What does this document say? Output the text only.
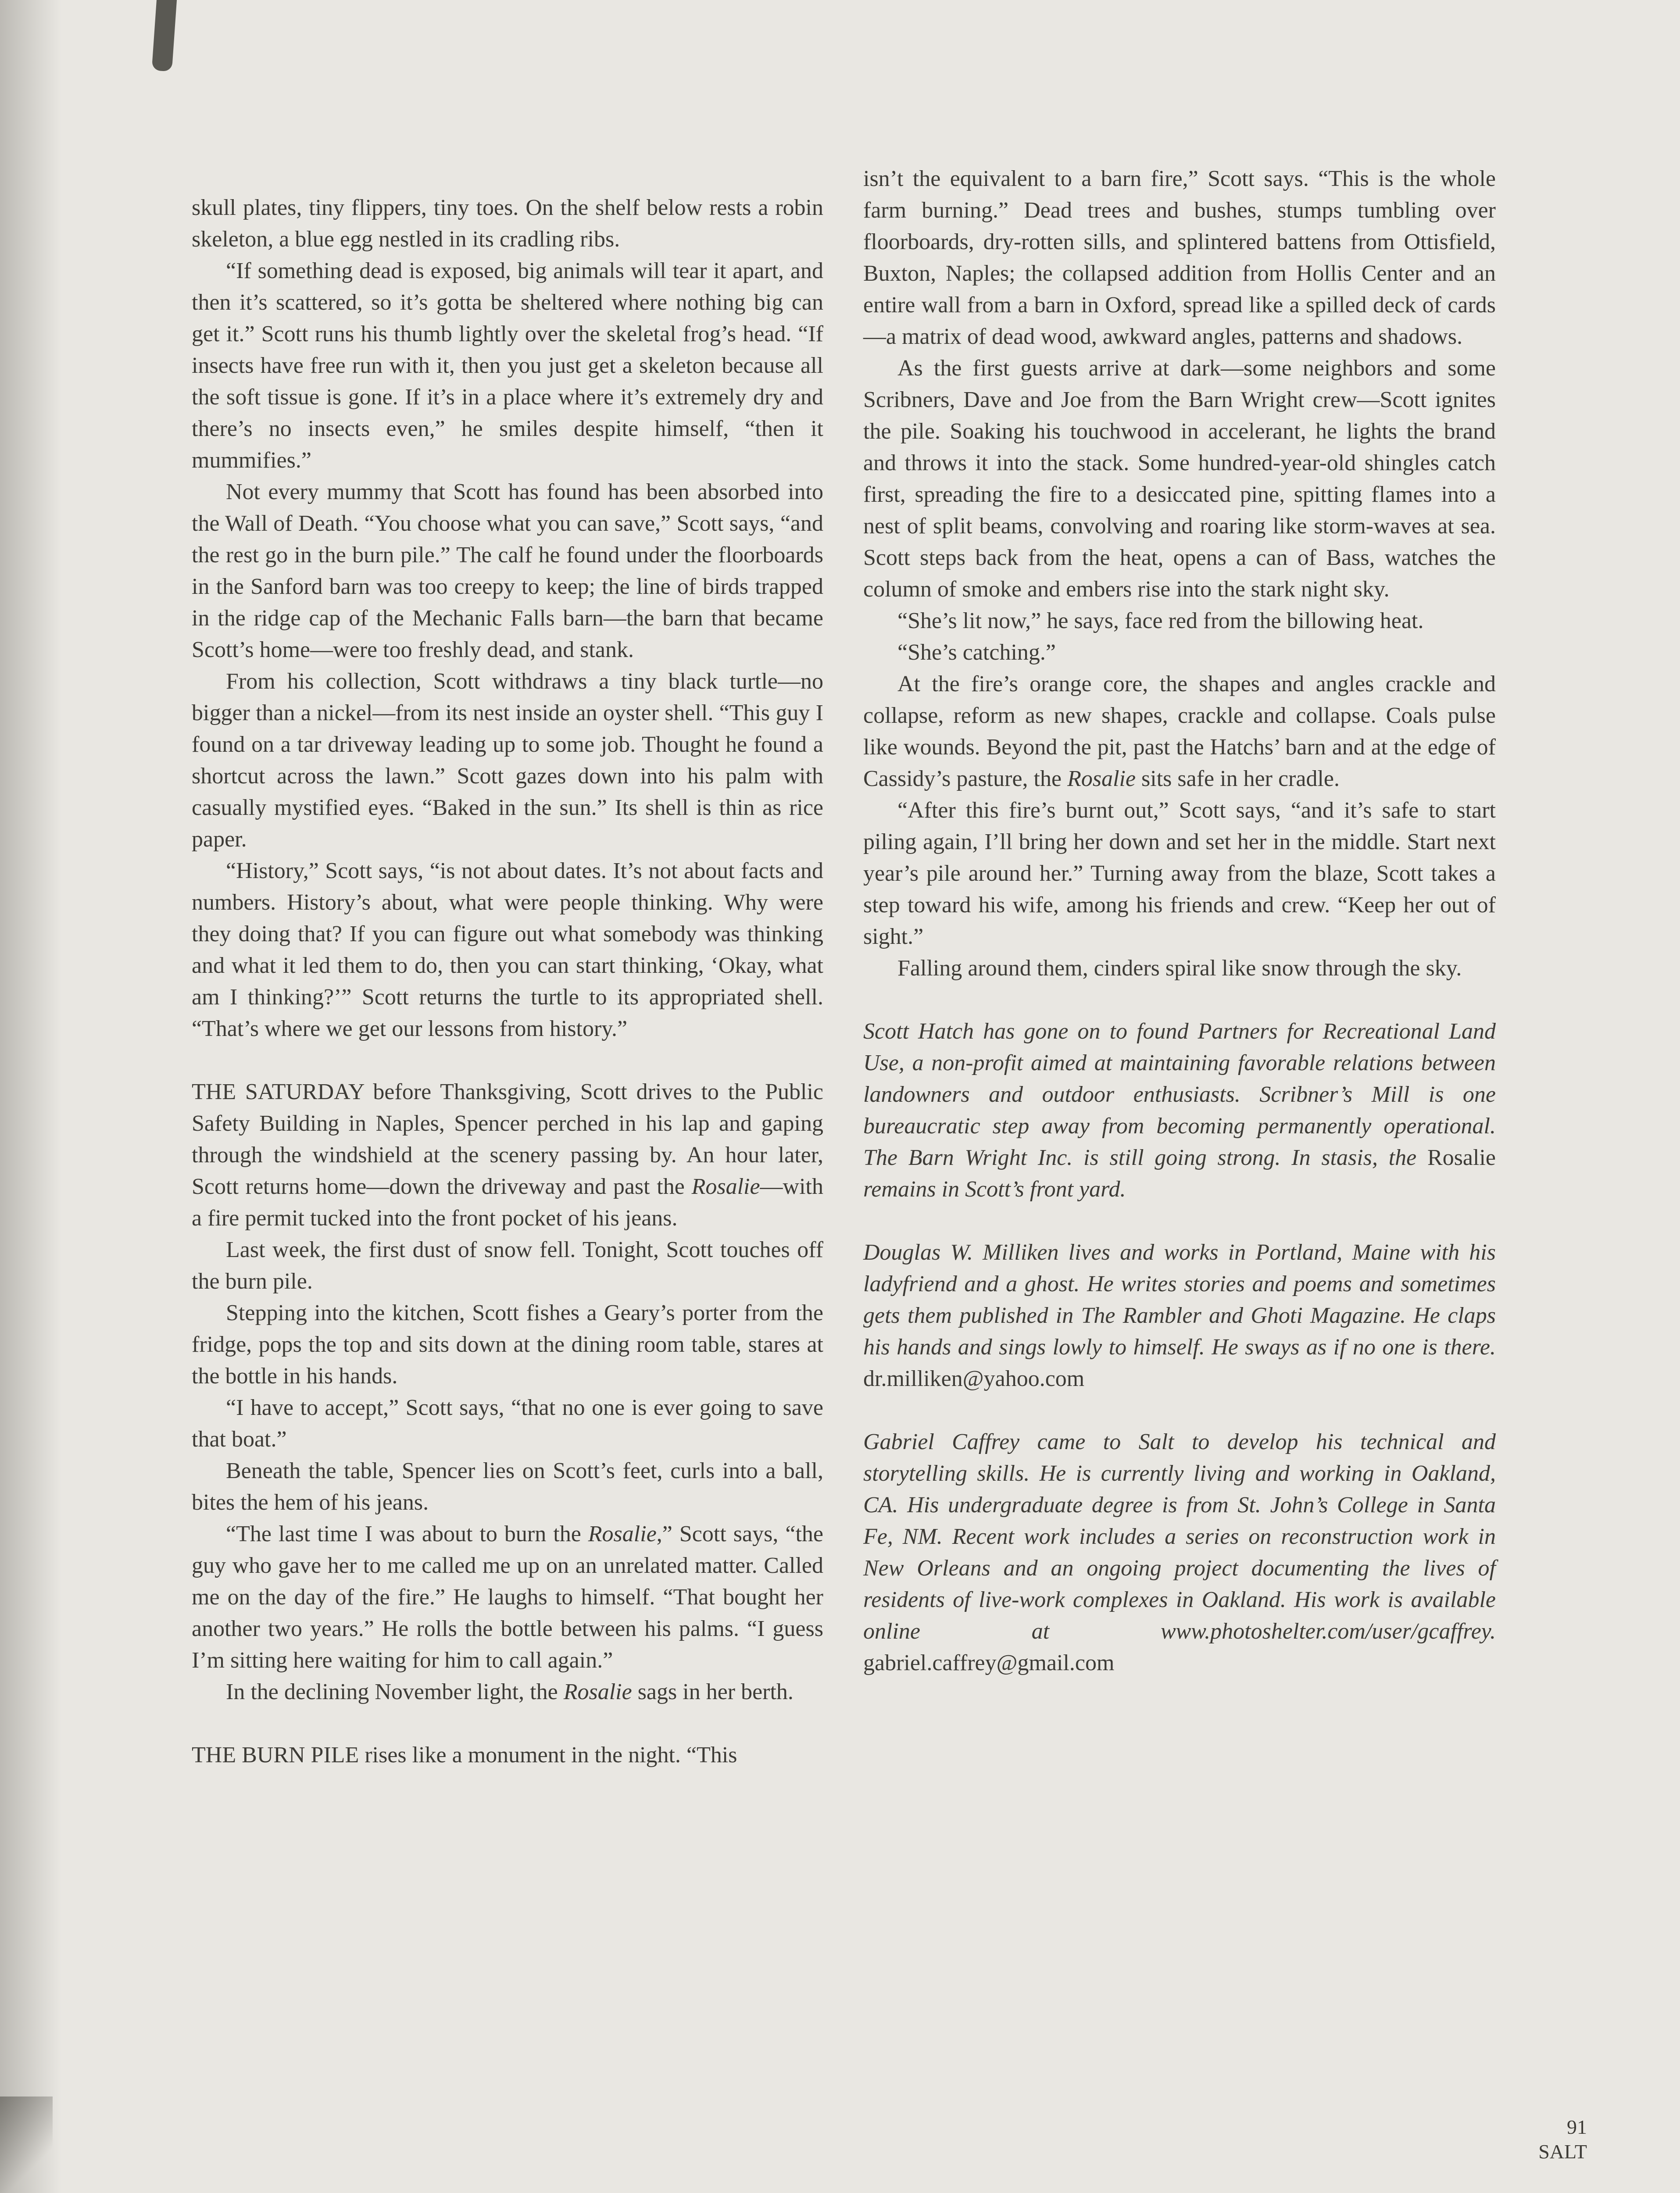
skull plates, tiny flippers, tiny toes. On the shelf below rests a robin skeleton, a blue egg nestled in its cradling ribs.

“If something dead is exposed, big animals will tear it apart, and then it’s scattered, so it’s gotta be sheltered where nothing big can get it.” Scott runs his thumb lightly over the skeletal frog’s head. “If insects have free run with it, then you just get a skeleton because all the soft tissue is gone. If it’s in a place where it’s extremely dry and there’s no insects even,” he smiles despite himself, “then it mummifies.”

Not every mummy that Scott has found has been absorbed into the Wall of Death. “You choose what you can save,” Scott says, “and the rest go in the burn pile.” The calf he found under the floorboards in the Sanford barn was too creepy to keep; the line of birds trapped in the ridge cap of the Mechanic Falls barn—the barn that became Scott’s home—were too freshly dead, and stank.

From his collection, Scott withdraws a tiny black turtle—no bigger than a nickel—from its nest inside an oyster shell. “This guy I found on a tar driveway leading up to some job. Thought he found a shortcut across the lawn.” Scott gazes down into his palm with casually mystified eyes. “Baked in the sun.” Its shell is thin as rice paper.

“History,” Scott says, “is not about dates. It’s not about facts and numbers. History’s about, what were people thinking. Why were they doing that? If you can figure out what somebody was thinking and what it led them to do, then you can start thinking, ‘Okay, what am I thinking?’” Scott returns the turtle to its appropriated shell. “That’s where we get our lessons from history.”

THE SATURDAY before Thanksgiving, Scott drives to the Public Safety Building in Naples, Spencer perched in his lap and gaping through the windshield at the scenery passing by. An hour later, Scott returns home—down the driveway and past the Rosalie—with a fire permit tucked into the front pocket of his jeans.

Last week, the first dust of snow fell. Tonight, Scott touches off the burn pile.

Stepping into the kitchen, Scott fishes a Geary’s porter from the fridge, pops the top and sits down at the dining room table, stares at the bottle in his hands.

“I have to accept,” Scott says, “that no one is ever going to save that boat.”

Beneath the table, Spencer lies on Scott’s feet, curls into a ball, bites the hem of his jeans.

“The last time I was about to burn the Rosalie,” Scott says, “the guy who gave her to me called me up on an unrelated matter. Called me on the day of the fire.” He laughs to himself. “That bought her another two years.” He rolls the bottle between his palms. “I guess I’m sitting here waiting for him to call again.”

In the declining November light, the Rosalie sags in her berth.

THE BURN PILE rises like a monument in the night. “This

isn’t the equivalent to a barn fire,” Scott says. “This is the whole farm burning.” Dead trees and bushes, stumps tumbling over floorboards, dry-rotten sills, and splintered battens from Ottisfield, Buxton, Naples; the collapsed addition from Hollis Center and an entire wall from a barn in Oxford, spread like a spilled deck of cards—a matrix of dead wood, awkward angles, patterns and shadows.

As the first guests arrive at dark—some neighbors and some Scribners, Dave and Joe from the Barn Wright crew—Scott ignites the pile. Soaking his touchwood in accelerant, he lights the brand and throws it into the stack. Some hundred-year-old shingles catch first, spreading the fire to a desiccated pine, spitting flames into a nest of split beams, convolving and roaring like storm-waves at sea. Scott steps back from the heat, opens a can of Bass, watches the column of smoke and embers rise into the stark night sky.

“She’s lit now,” he says, face red from the billowing heat.

“She’s catching.”

At the fire’s orange core, the shapes and angles crackle and collapse, reform as new shapes, crackle and collapse. Coals pulse like wounds. Beyond the pit, past the Hatchs’ barn and at the edge of Cassidy’s pasture, the Rosalie sits safe in her cradle.

“After this fire’s burnt out,” Scott says, “and it’s safe to start piling again, I’ll bring her down and set her in the middle. Start next year’s pile around her.” Turning away from the blaze, Scott takes a step toward his wife, among his friends and crew. “Keep her out of sight.”

Falling around them, cinders spiral like snow through the sky.

Scott Hatch has gone on to found Partners for Recreational Land Use, a non-profit aimed at maintaining favorable relations between landowners and outdoor enthusiasts. Scribner’s Mill is one bureaucratic step away from becoming permanently operational. The Barn Wright Inc. is still going strong. In stasis, the Rosalie remains in Scott’s front yard.

Douglas W. Milliken lives and works in Portland, Maine with his ladyfriend and a ghost. He writes stories and poems and sometimes gets them published in The Rambler and Ghoti Magazine. He claps his hands and sings lowly to himself. He sways as if no one is there. dr.milliken@yahoo.com

Gabriel Caffrey came to Salt to develop his technical and storytelling skills. He is currently living and working in Oakland, CA. His undergraduate degree is from St. John’s College in Santa Fe, NM. Recent work includes a series on reconstruction work in New Orleans and an ongoing project documenting the lives of residents of live-work complexes in Oakland. His work is available online at www.photoshelter.com/user/gcaffrey. gabriel.caffrey@gmail.com

91
SALT
